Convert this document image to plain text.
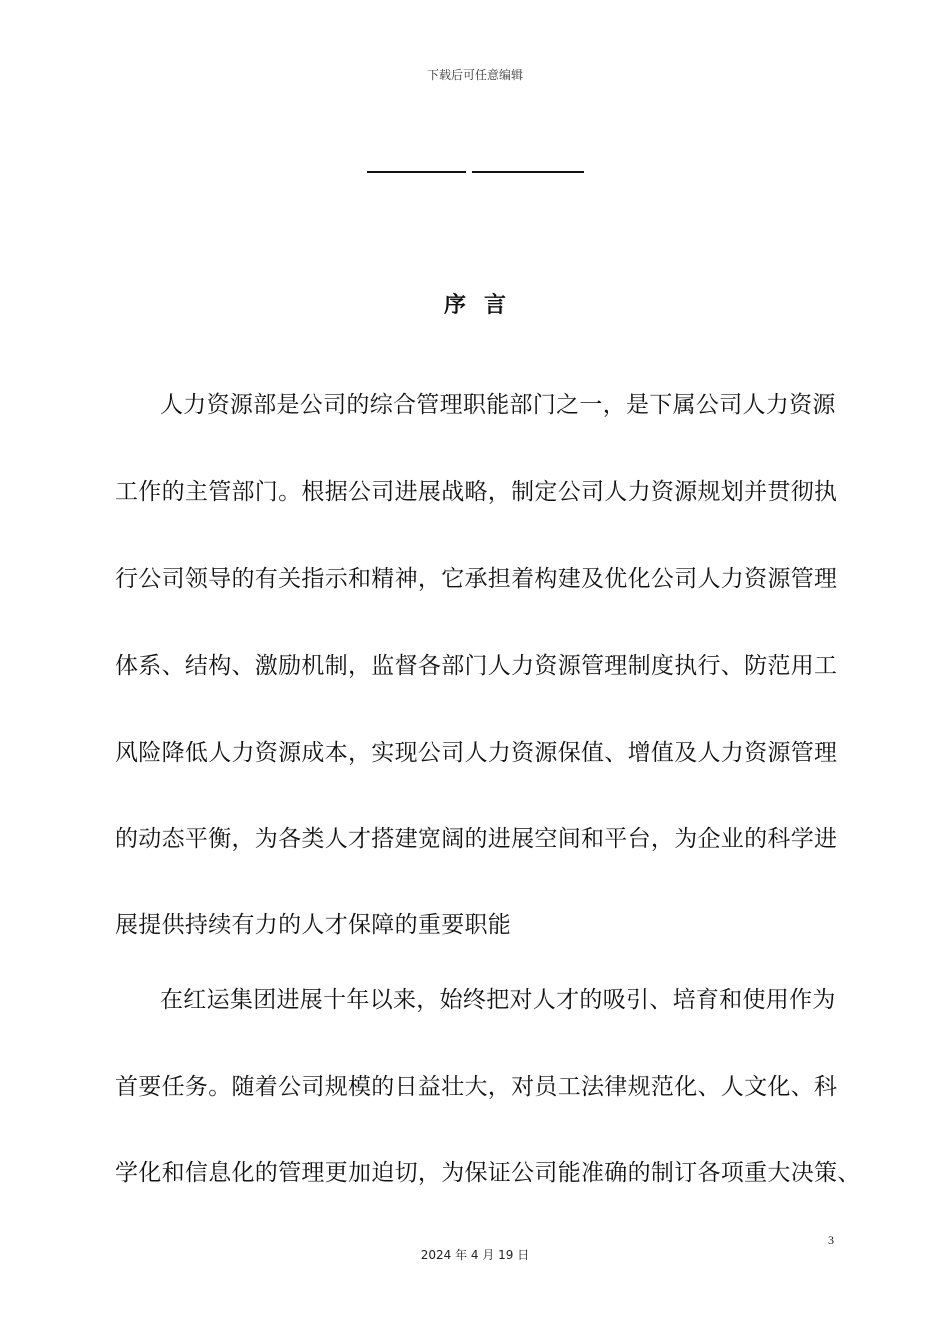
下载后可任意编辑
序言
人力资源部是公司的综合管理职能部门之一，是下属公司人力资源
工作的主管部门。根据公司进展战略，制定公司人力资源规划并贯彻执
行公司领导的有关指示和精神，它承担着构建及优化公司人力资源管理
体系、结构、激励机制，监督各部门人力资源管理制度执行、防范用工
风险降低人力资源成本，实现公司人力资源保值、增值及人力资源管理
的动态平衡，为各类人才搭建宽阔的进展空间和平台，为企业的科学进
展提供持续有力的人才保障的重要职能
在红运集团进展十年以来，始终把对人才的吸引、培育和使用作为
首要任务。随着公司规模的日益壮大，对员工法律规范化、人文化、科
学化和信息化的管理更加迫切，为保证公司能准确的制订各项重大决策、
3
2024 年 4 月 19 日
